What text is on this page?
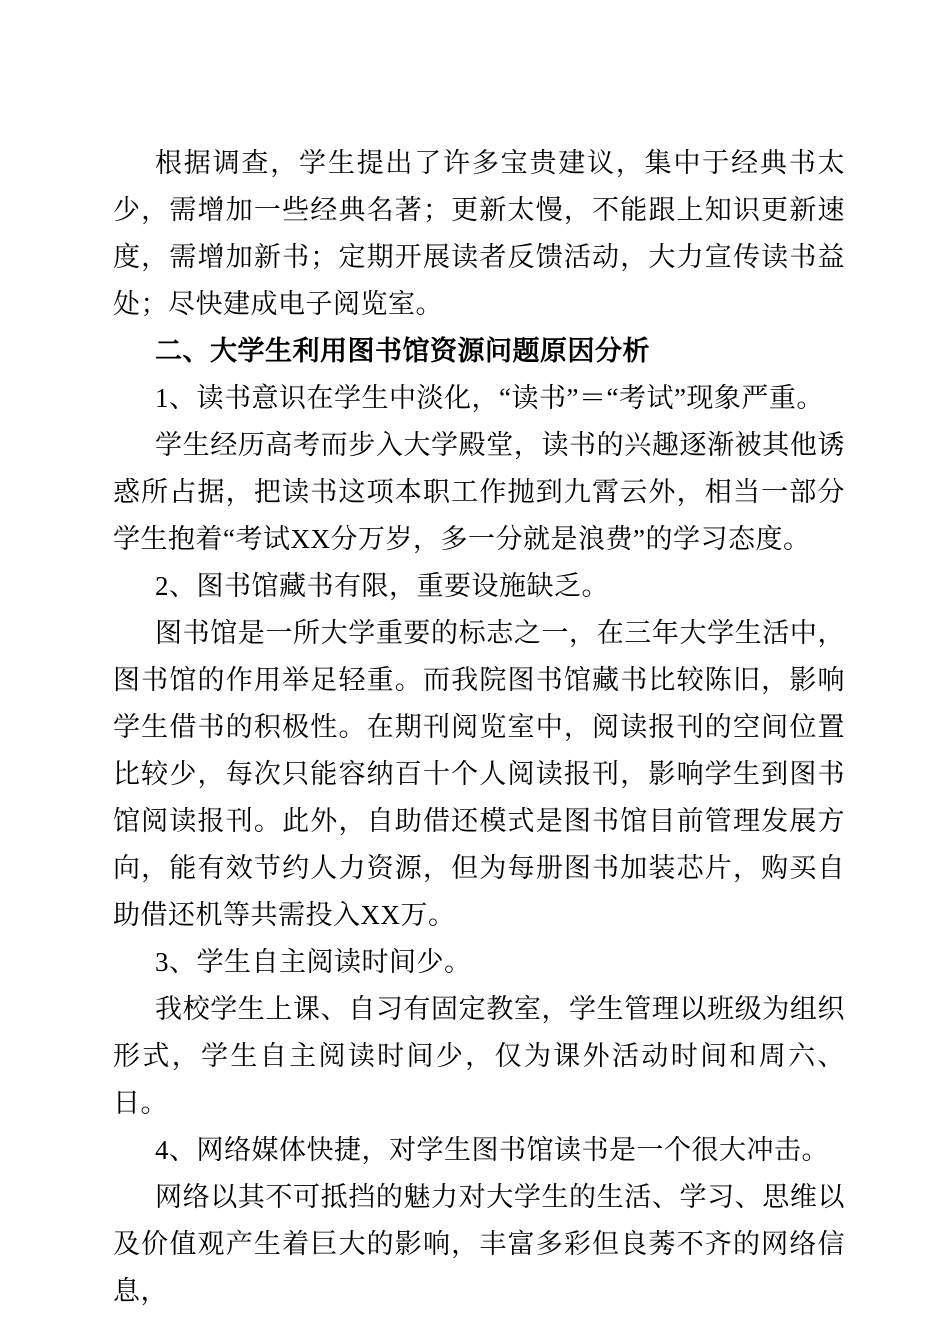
根据调查，学生提出了许多宝贵建议，集中于经典书太少，需增加一些经典名著；更新太慢，不能跟上知识更新速度，需增加新书；定期开展读者反馈活动，大力宣传读书益处；尽快建成电子阅览室。

二、大学生利用图书馆资源问题原因分析

1、读书意识在学生中淡化，“读书”＝“考试”现象严重。

学生经历高考而步入大学殿堂，读书的兴趣逐渐被其他诱惑所占据，把读书这项本职工作抛到九霄云外，相当一部分学生抱着“考试XX分万岁，多一分就是浪费”的学习态度。

2、图书馆藏书有限，重要设施缺乏。

图书馆是一所大学重要的标志之一，在三年大学生活中，图书馆的作用举足轻重。而我院图书馆藏书比较陈旧，影响学生借书的积极性。在期刊阅览室中，阅读报刊的空间位置比较少，每次只能容纳百十个人阅读报刊，影响学生到图书馆阅读报刊。此外，自助借还模式是图书馆目前管理发展方向，能有效节约人力资源，但为每册图书加装芯片，购买自助借还机等共需投入XX万。

3、学生自主阅读时间少。

我校学生上课、自习有固定教室，学生管理以班级为组织形式，学生自主阅读时间少，仅为课外活动时间和周六、日。

4、网络媒体快捷，对学生图书馆读书是一个很大冲击。

网络以其不可抵挡的魅力对大学生的生活、学习、思维以及价值观产生着巨大的影响，丰富多彩但良莠不齐的网络信息，
